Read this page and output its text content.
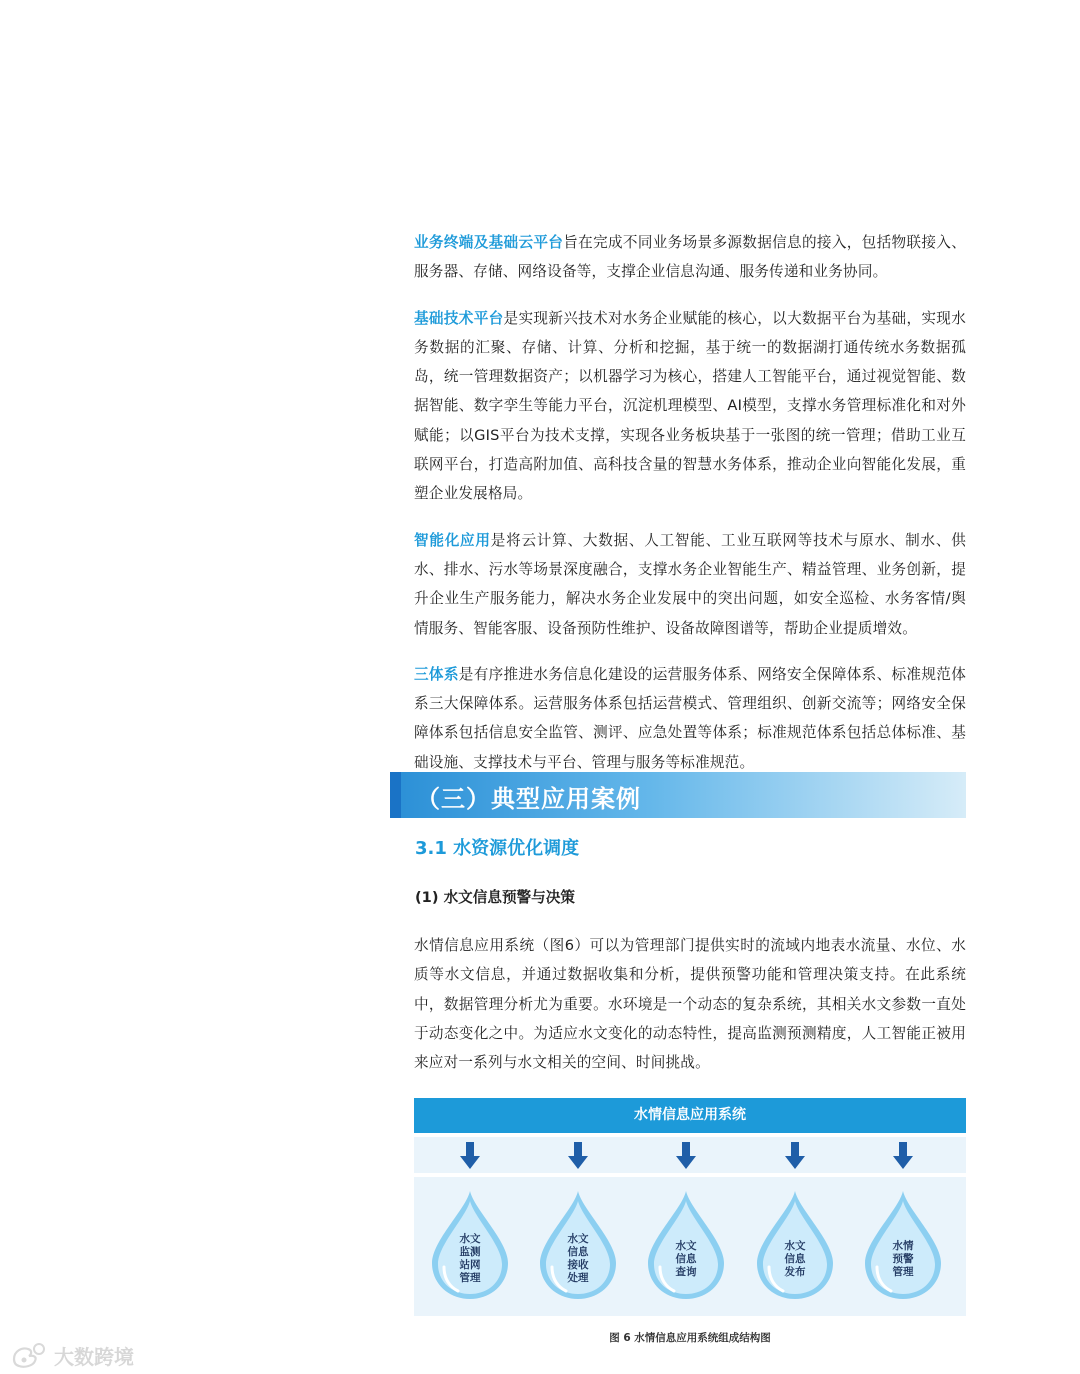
业务终端及基础云平台旨在完成不同业务场景多源数据信息的接入，包括物联接入、服务器、存储、网络设备等，支撑企业信息沟通、服务传递和业务协同。

基础技术平台是实现新兴技术对水务企业赋能的核心，以大数据平台为基础，实现水务数据的汇聚、存储、计算、分析和挖掘，基于统一的数据湖打通传统水务数据孤岛，统一管理数据资产；以机器学习为核心，搭建人工智能平台，通过视觉智能、数据智能、数字孪生等能力平台，沉淀机理模型、AI模型，支撑水务管理标准化和对外赋能；以GIS平台为技术支撑，实现各业务板块基于一张图的统一管理；借助工业互联网平台，打造高附加值、高科技含量的智慧水务体系，推动企业向智能化发展，重塑企业发展格局。

智能化应用是将云计算、大数据、人工智能、工业互联网等技术与原水、制水、供水、排水、污水等场景深度融合，支撑水务企业智能生产、精益管理、业务创新，提升企业生产服务能力，解决水务企业发展中的突出问题，如安全巡检、水务客情/舆情服务、智能客服、设备预防性维护、设备故障图谱等，帮助企业提质增效。

三体系是有序推进水务信息化建设的运营服务体系、网络安全保障体系、标准规范体系三大保障体系。运营服务体系包括运营模式、管理组织、创新交流等；网络安全保障体系包括信息安全监管、测评、应急处置等体系；标准规范体系包括总体标准、基础设施、支撑技术与平台、管理与服务等标准规范。

（三）典型应用案例
3.1 水资源优化调度
(1) 水文信息预警与决策

水情信息应用系统（图6）可以为管理部门提供实时的流域内地表水流量、水位、水质等水文信息，并通过数据收集和分析，提供预警功能和管理决策支持。在此系统中，数据管理分析尤为重要。水环境是一个动态的复杂系统，其相关水文参数一直处于动态变化之中。为适应水文变化的动态特性，提高监测预测精度，人工智能正被用来应对一系列与水文相关的空间、时间挑战。

水情信息应用系统
水文
监测
站网
管理
水文
信息
接收
处理
水文
信息
查询
水文
信息
发布
水情
预警
管理
图 6 水情信息应用系统组成结构图
大数跨境
